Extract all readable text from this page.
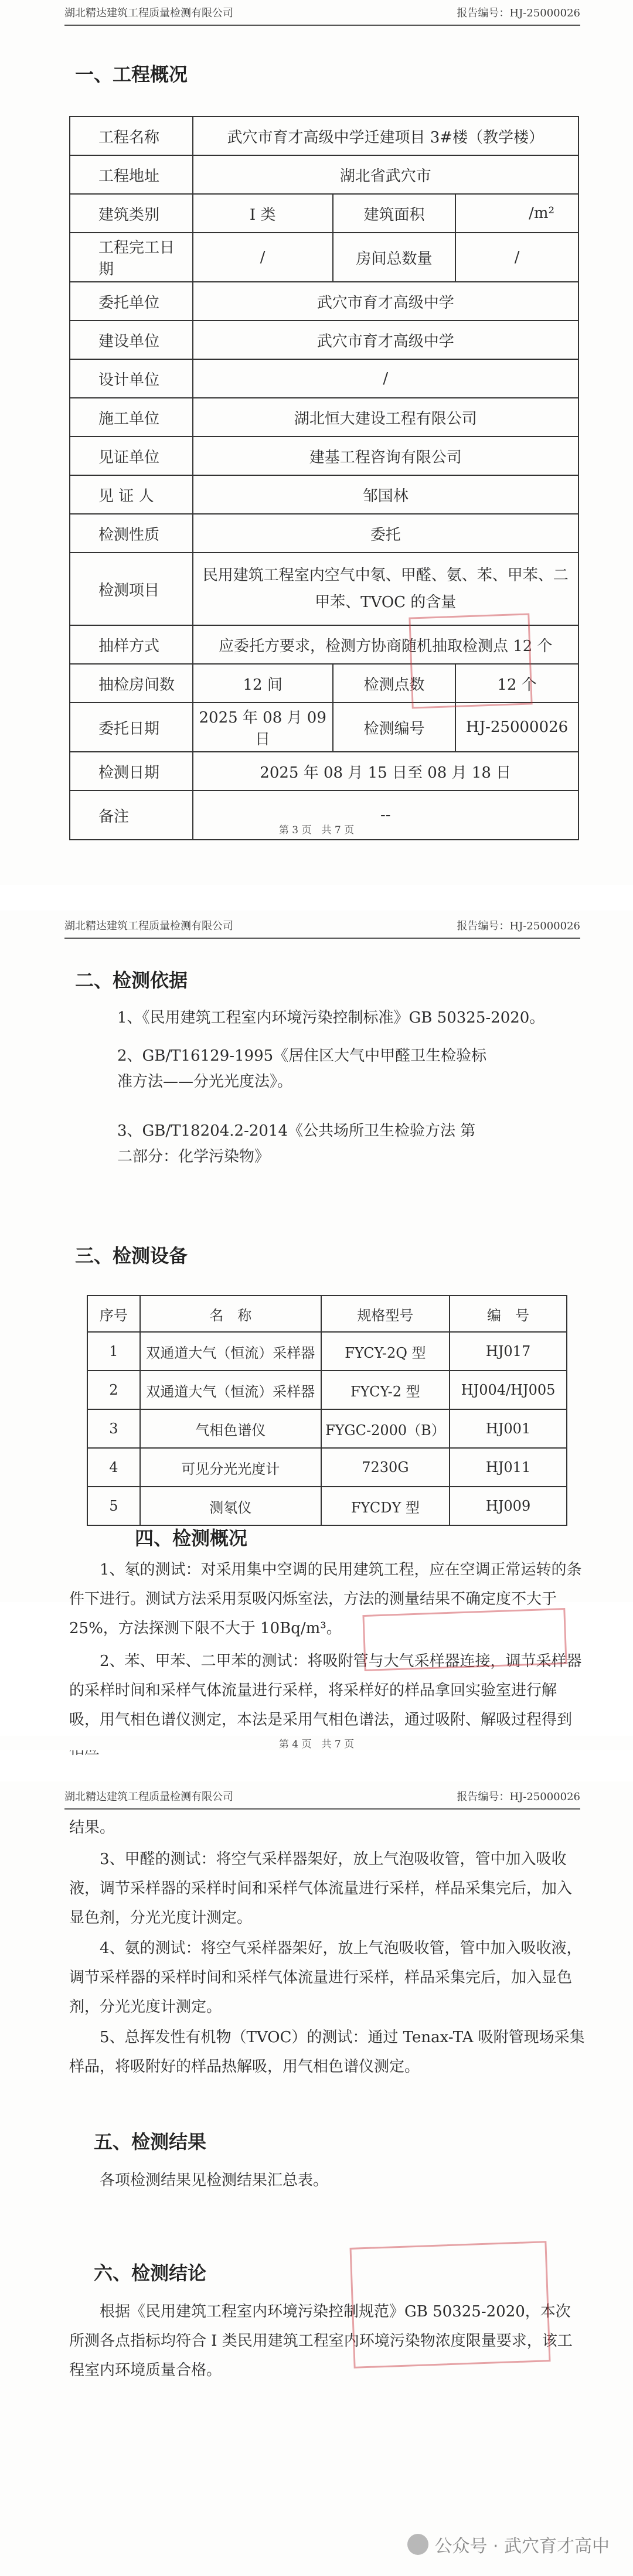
湖北精达建筑工程质量检测有限公司	报告编号：HJ-25000026
一、工程概况
工程名称	武穴市育才高级中学迁建项目 3#楼（教学楼）		
工程地址	湖北省武穴市		
建筑类别	I 类	建筑面积	/m²
工程完工日期	/	房间总数量	/
委托单位	武穴市育才高级中学		
建设单位	武穴市育才高级中学		
设计单位	/		
施工单位	湖北恒大建设工程有限公司		
见证单位	建基工程咨询有限公司		
见 证 人	邹国林		
检测性质	委托		
检测项目	民用建筑工程室内空气中氡、甲醛、氨、苯、甲苯、二甲苯、TVOC 的含量		
抽样方式	应委托方要求，检测方协商随机抽取检测点 12 个		
抽检房间数	12 间	检测点数	12 个
委托日期	2025 年 08 月 09 日	检测编号	HJ-25000026
检测日期	2025 年 08 月 15 日至 08 月 18 日		
备注	--		
第 3 页　共 7 页
湖北精达建筑工程质量检测有限公司	报告编号：HJ-25000026
二、检测依据
1、《民用建筑工程室内环境污染控制标准》GB 50325-2020。
2、GB/T16129-1995《居住区大气中甲醛卫生检验标准方法——分光光度法》。
3、GB/T18204.2-2014《公共场所卫生检验方法 第二部分：化学污染物》
三、检测设备
序号	名　称	规格型号	编　号
1	双通道大气（恒流）采样器	FYCY-2Q 型	HJ017
2	双通道大气（恒流）采样器	FYCY-2 型	HJ004/HJ005
3	气相色谱仪	FYGC-2000（B）	HJ001
4	可见分光光度计	7230G	HJ011
5	测氡仪	FYCDY 型	HJ009
四、检测概况

1、氡的测试：对采用集中空调的民用建筑工程，应在空调正常运转的条件下进行。测试方法采用泵吸闪烁室法，方法的测量结果不确定度不大于 25%，方法探测下限不大于 10Bq/m³。

2、苯、甲苯、二甲苯的测试：将吸附管与大气采样器连接，调节采样器的采样时间和采样气体流量进行采样，将采样好的样品拿回实验室进行解吸，用气相色谱仪测定，本法是采用气相色谱法，通过吸附、解吸过程得到

第 4 页　共 7 页
湖北精达建筑工程质量检测有限公司	报告编号：HJ-25000026

结果。

3、甲醛的测试：将空气采样器架好，放上气泡吸收管，管中加入吸收液，调节采样器的采样时间和采样气体流量进行采样，样品采集完后，加入显色剂，分光光度计测定。

4、氨的测试：将空气采样器架好，放上气泡吸收管，管中加入吸收液，调节采样器的采样时间和采样气体流量进行采样，样品采集完后，加入显色剂，分光光度计测定。

5、总挥发性有机物（TVOC）的测试：通过 Tenax-TA 吸附管现场采集样品，将吸附好的样品热解吸，用气相色谱仪测定。

五、检测结果

各项检测结果见检测结果汇总表。

六、检测结论

根据《民用建筑工程室内环境污染控制规范》GB 50325-2020，本次所测各点指标均符合 I 类民用建筑工程室内环境污染物浓度限量要求，该工程室内环境质量合格。

公众号 · 武穴育才高中
